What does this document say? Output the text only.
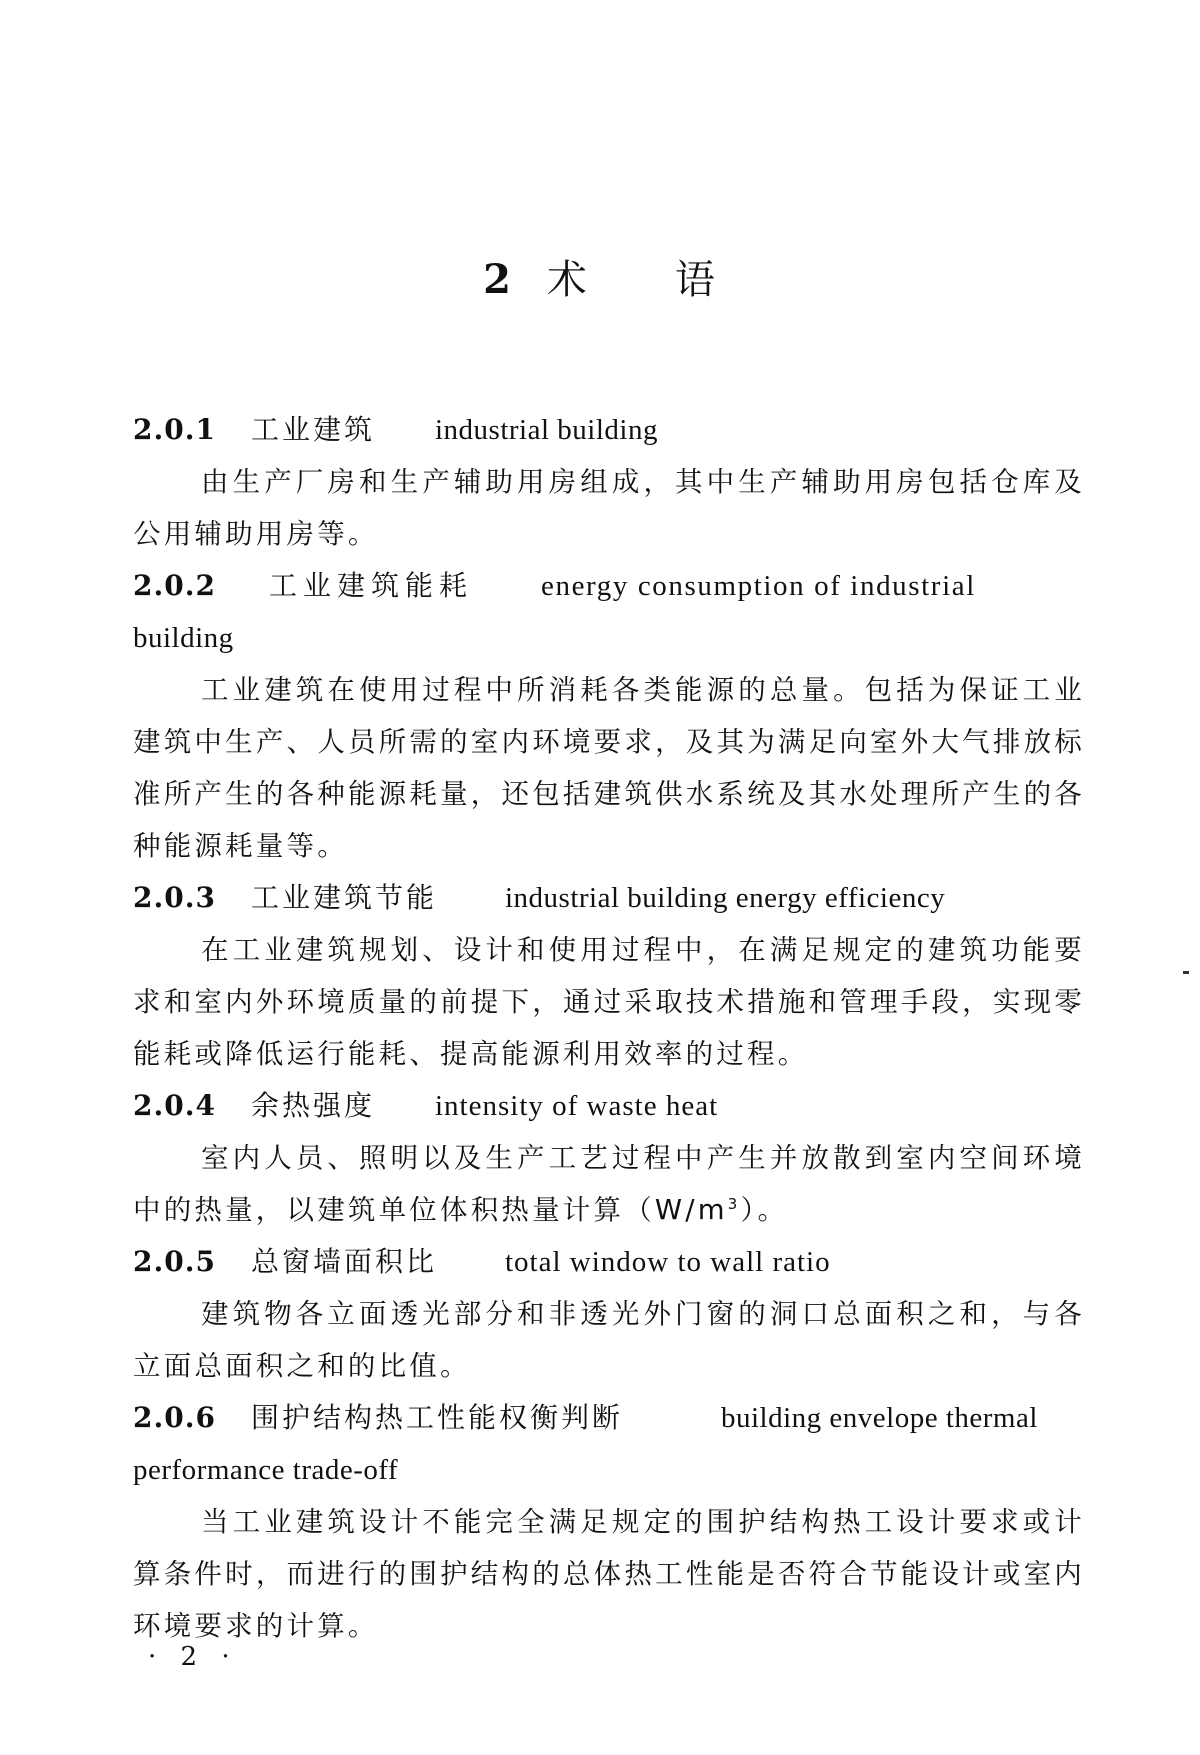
2 术 语
2.0.1	工业建筑	industrial building

由生产厂房和生产辅助用房组成，其中生产辅助用房包括仓库及公用辅助用房等。

2.0.2	工业建筑能耗	energy consumption of industrial
building

工业建筑在使用过程中所消耗各类能源的总量。包括为保证工业建筑中生产、人员所需的室内环境要求，及其为满足向室外大气排放标准所产生的各种能源耗量，还包括建筑供水系统及其水处理所产生的各种能源耗量等。

2.0.3	工业建筑节能	industrial building energy efficiency

在工业建筑规划、设计和使用过程中，在满足规定的建筑功能要求和室内外环境质量的前提下，通过采取技术措施和管理手段，实现零能耗或降低运行能耗、提高能源利用效率的过程。

2.0.4	余热强度	intensity of waste heat

室内人员、照明以及生产工艺过程中产生并放散到室内空间环境中的热量，以建筑单位体积热量计算$(W/m^3)$。

2.0.5	总窗墙面积比	total window to wall ratio

建筑物各立面透光部分和非透光外门窗的洞口总面积之和，与各立面总面积之和的比值。

2.0.6	围护结构热工性能权衡判断	building envelope thermal
performance trade-off

当工业建筑设计不能完全满足规定的围护结构热工设计要求或计算条件时，而进行的围护结构的总体热工性能是否符合节能设计或室内环境要求的计算。

· 2 ·
